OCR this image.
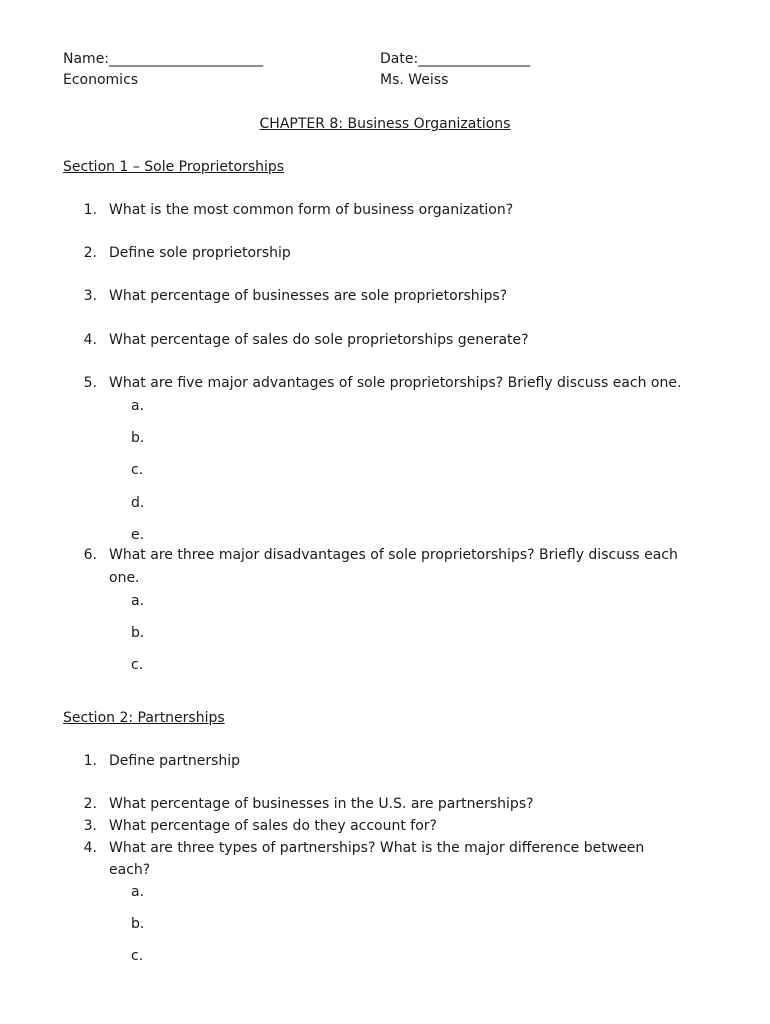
Name:______________________	Date:________________
Economics	Ms. Weiss
CHAPTER 8: Business Organizations
Section 1 – Sole Proprietorships
1. What is the most common form of business organization?
2. Define sole proprietorship
3. What percentage of businesses are sole proprietorships?
4. What percentage of sales do sole proprietorships generate?
5. What are five major advantages of sole proprietorships? Briefly discuss each one.
a.
b.
c.
d.
e.
6. What are three major disadvantages of sole proprietorships? Briefly discuss each
one.
a.
b.
c.
Section 2: Partnerships
1. Define partnership
2. What percentage of businesses in the U.S. are partnerships?
3. What percentage of sales do they account for?
4. What are three types of partnerships? What is the major difference between
each?
a.
b.
c.
